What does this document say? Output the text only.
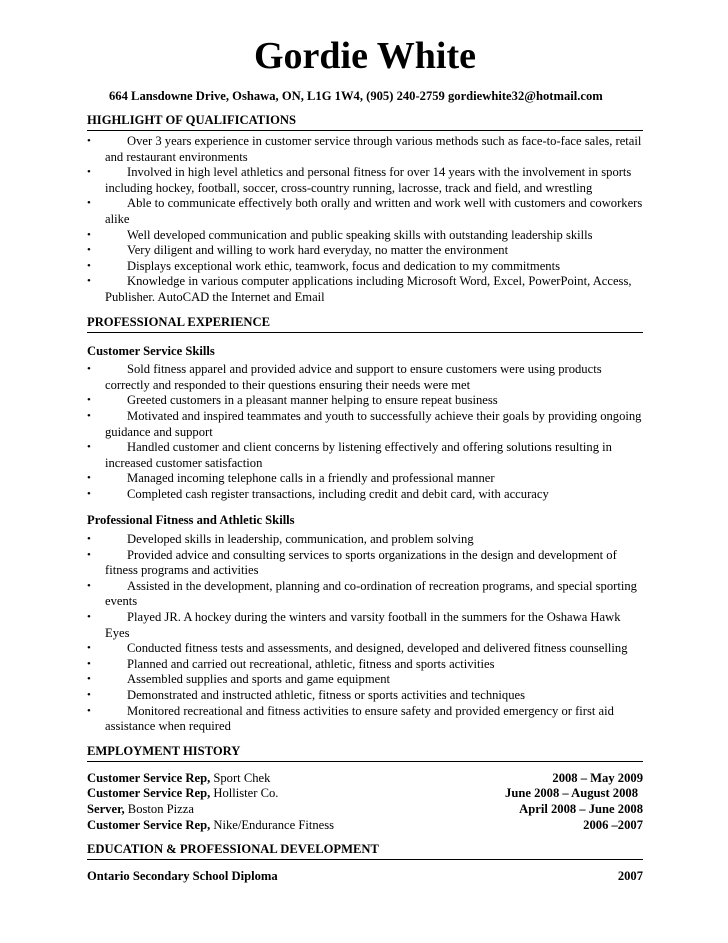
Gordie White
664 Lansdowne Drive, Oshawa, ON, L1G 1W4, (905) 240-2759 gordiewhite32@hotmail.com
HIGHLIGHT OF QUALIFICATIONS
•	Over 3 years experience in customer service through various methods such as face-to-face sales, retail and restaurant environments
•	Involved in high level athletics and personal fitness for over 14 years with the involvement in sports including hockey, football, soccer, cross-country running, lacrosse, track and field, and wrestling
•	Able to communicate effectively both orally and written and work well with customers and coworkers alike
•	Well developed communication and public speaking skills with outstanding leadership skills
•	Very diligent and willing to work hard everyday, no matter the environment
•	Displays exceptional work ethic, teamwork, focus and dedication to my commitments
•	Knowledge in various computer applications including Microsoft Word, Excel, PowerPoint, Access, Publisher. AutoCAD the Internet and Email
PROFESSIONAL EXPERIENCE
Customer Service Skills
•	Sold fitness apparel and provided advice and support to ensure customers were using products correctly and responded to their questions ensuring their needs were met
•	Greeted customers in a pleasant manner helping to ensure repeat business
•	Motivated and inspired teammates and youth to successfully achieve their goals by providing ongoing guidance and support
•	Handled customer and client concerns by listening effectively and offering solutions resulting in increased customer satisfaction
•	Managed incoming telephone calls in a friendly and professional manner
•	Completed cash register transactions, including credit and debit card, with accuracy
Professional Fitness and Athletic Skills
•	Developed skills in leadership, communication, and problem solving
•	Provided advice and consulting services to sports organizations in the design and development of fitness programs and activities
•	Assisted in the development, planning and co-ordination of recreation programs, and special sporting events
•	Played JR. A hockey during the winters and varsity football in the summers for the Oshawa Hawk Eyes
•	Conducted fitness tests and assessments, and designed, developed and delivered fitness counselling
•	Planned and carried out recreational, athletic, fitness and sports activities
•	Assembled supplies and sports and game equipment
•	Demonstrated and instructed athletic, fitness or sports activities and techniques
•	Monitored recreational and fitness activities to ensure safety and provided emergency or first aid assistance when required
EMPLOYMENT HISTORY
Customer Service Rep, Sport Chek	2008 – May 2009
Customer Service Rep, Hollister Co.	June 2008 – August 2008
Server, Boston Pizza	April 2008 – June 2008
Customer Service Rep, Nike/Endurance Fitness	2006 –2007
EDUCATION & PROFESSIONAL DEVELOPMENT
Ontario Secondary School Diploma	2007
